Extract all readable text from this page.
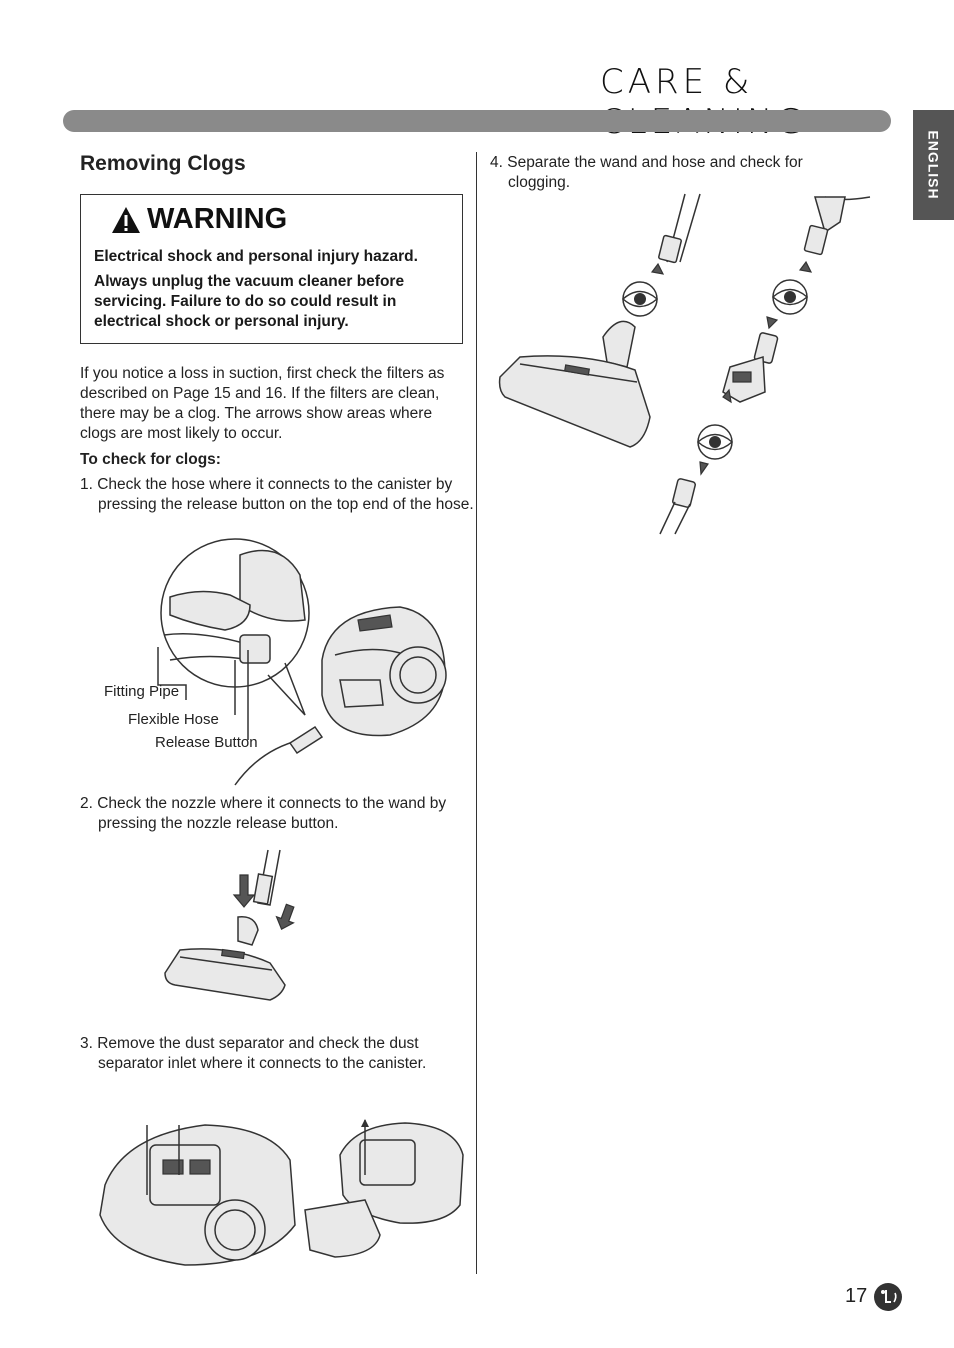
CARE &
ENGLISH
Removing Clogs
WARNING
Electrical shock and personal injury hazard.
Always unplug the vacuum cleaner before servicing. Failure to do so could result in electrical shock or personal injury.
If you notice a loss in suction, first check the filters as described on Page 15 and 16. If the filters are clean, there may be a clog. The arrows show areas where clogs are most likely to occur.
To check for clogs:
1. Check the hose where it connects to the canister by pressing the release button on the top end of the hose.
Fitting Pipe
Flexible Hose
Release Button
2. Check the nozzle where it connects to the wand by pressing the nozzle release button.
3. Remove the dust separator and check the dust separator inlet where it connects to the canister.
4. Separate the wand and hose and check for clogging.
17
